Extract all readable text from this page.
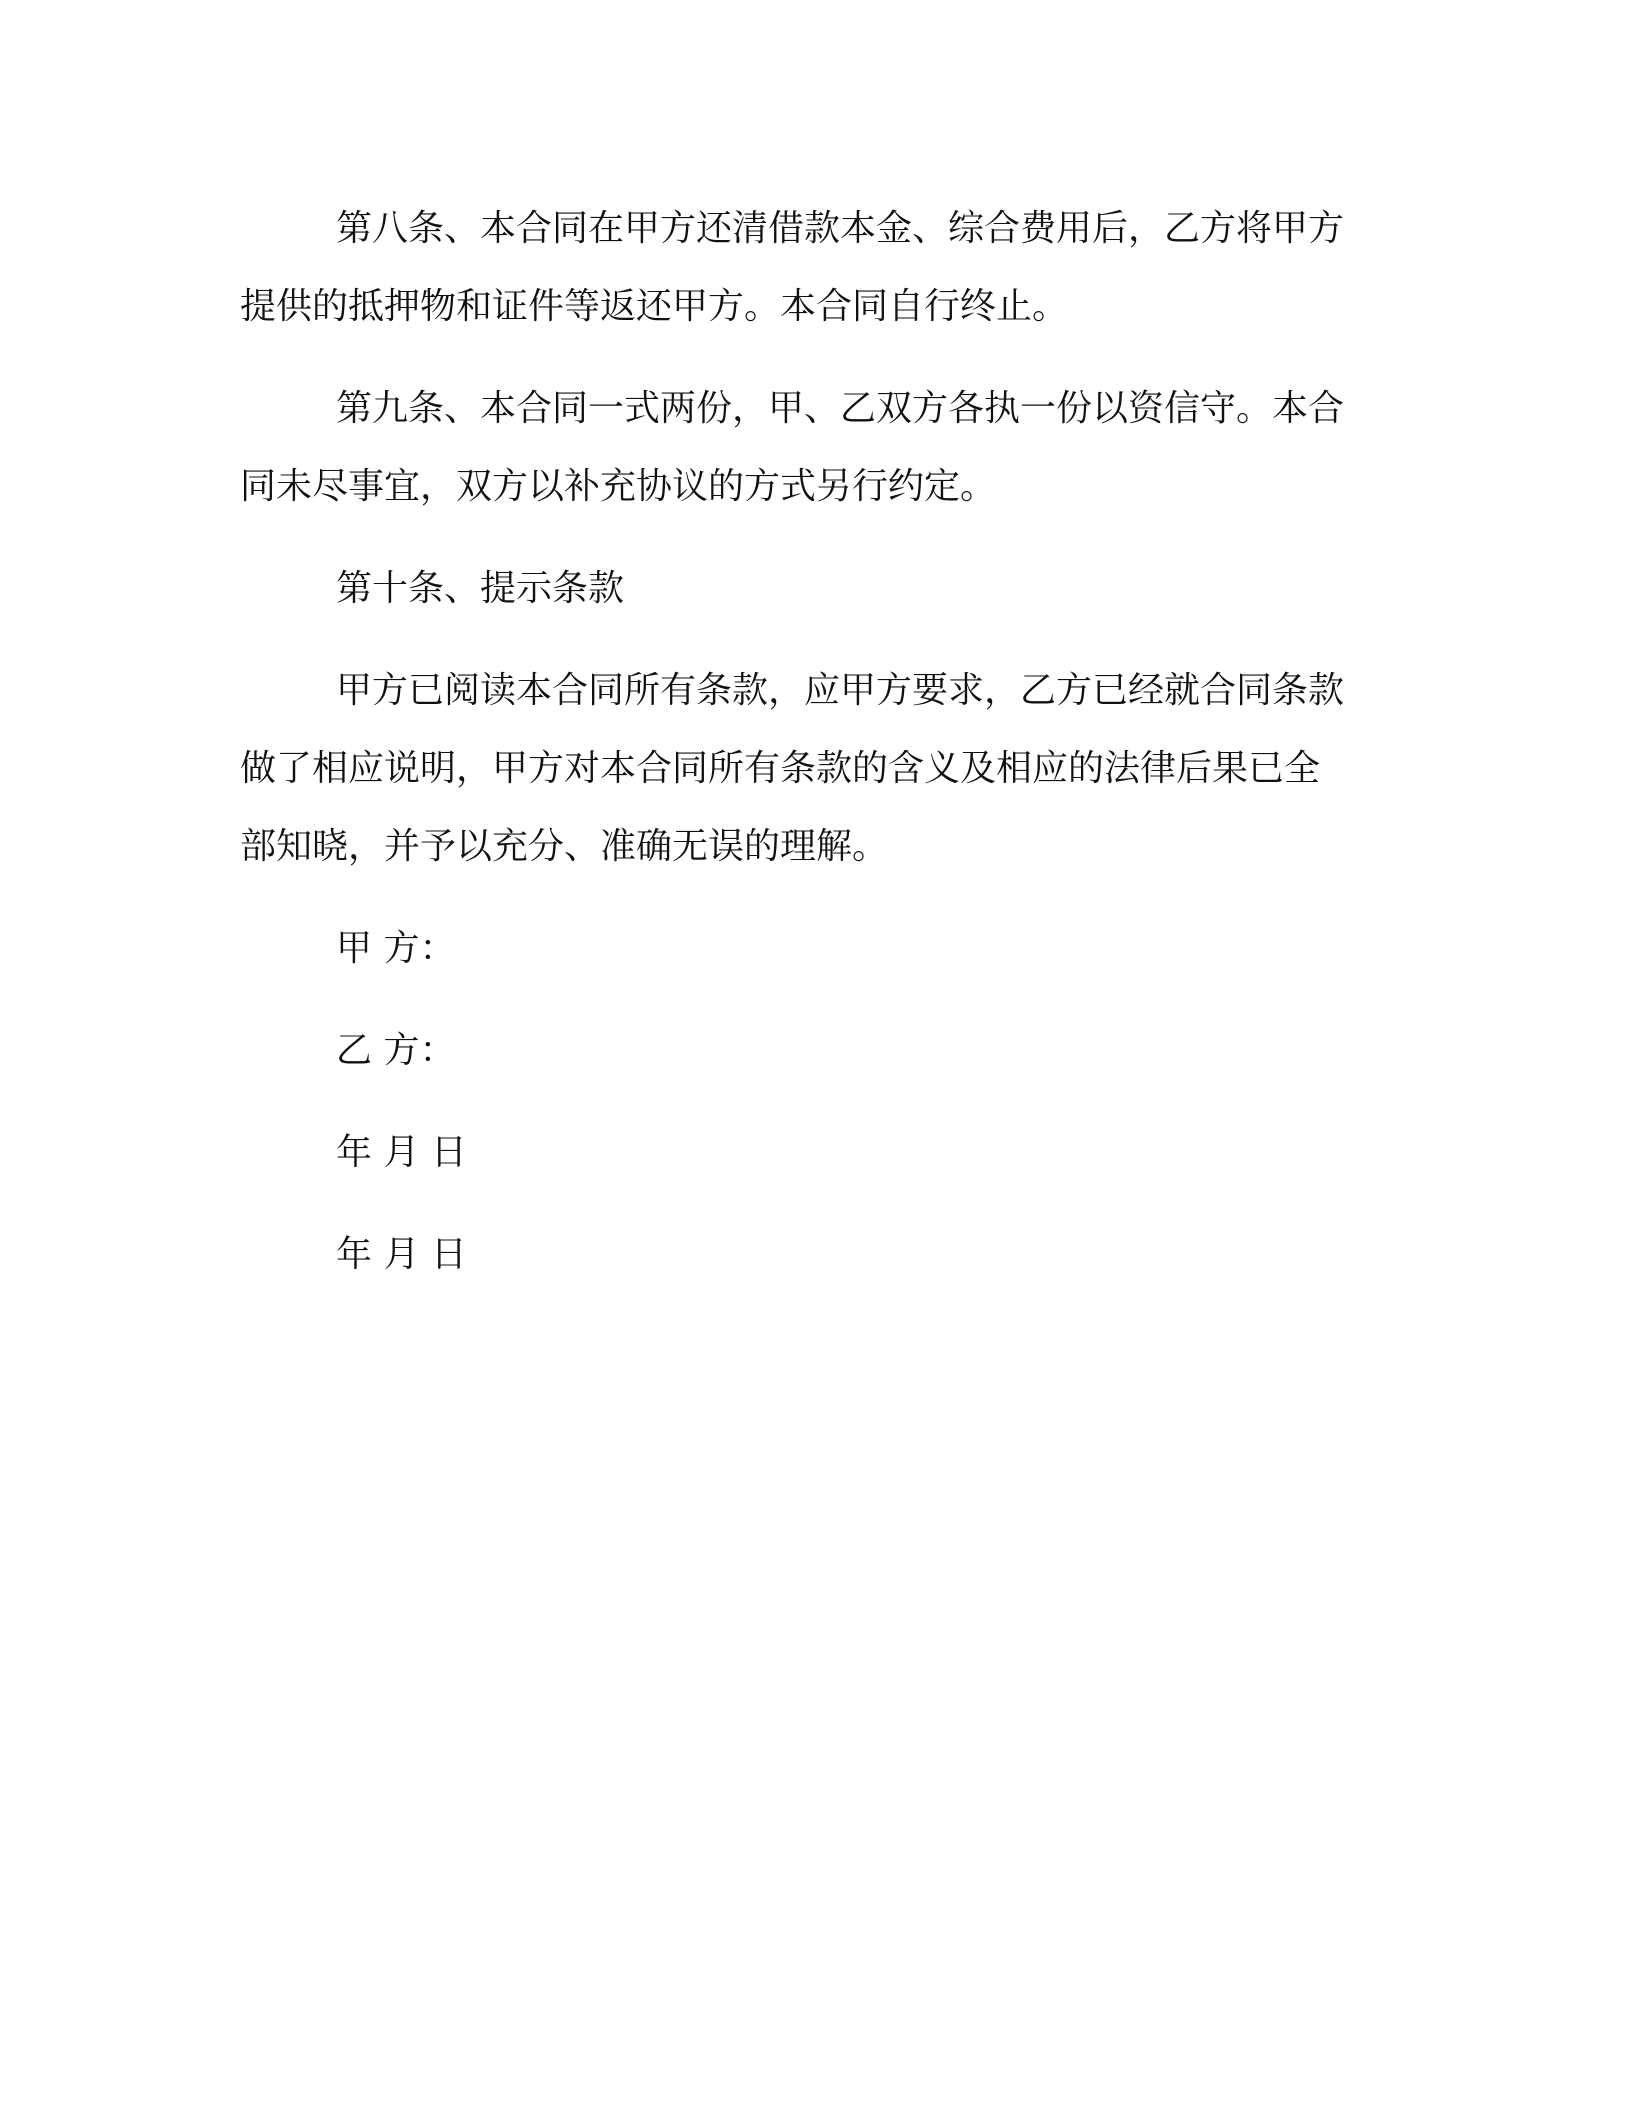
第八条、本合同在甲方还清借款本金、综合费用后，乙方将甲方
提供的抵押物和证件等返还甲方。本合同自行终止。

第九条、本合同一式两份，甲、乙双方各执一份以资信守。本合
同未尽事宜，双方以补充协议的方式另行约定。

第十条、提示条款

甲方已阅读本合同所有条款，应甲方要求，乙方已经就合同条款
做了相应说明，甲方对本合同所有条款的含义及相应的法律后果已全
部知晓，并予以充分、准确无误的理解。

甲 方：

乙 方：

年 月 日

年 月 日
